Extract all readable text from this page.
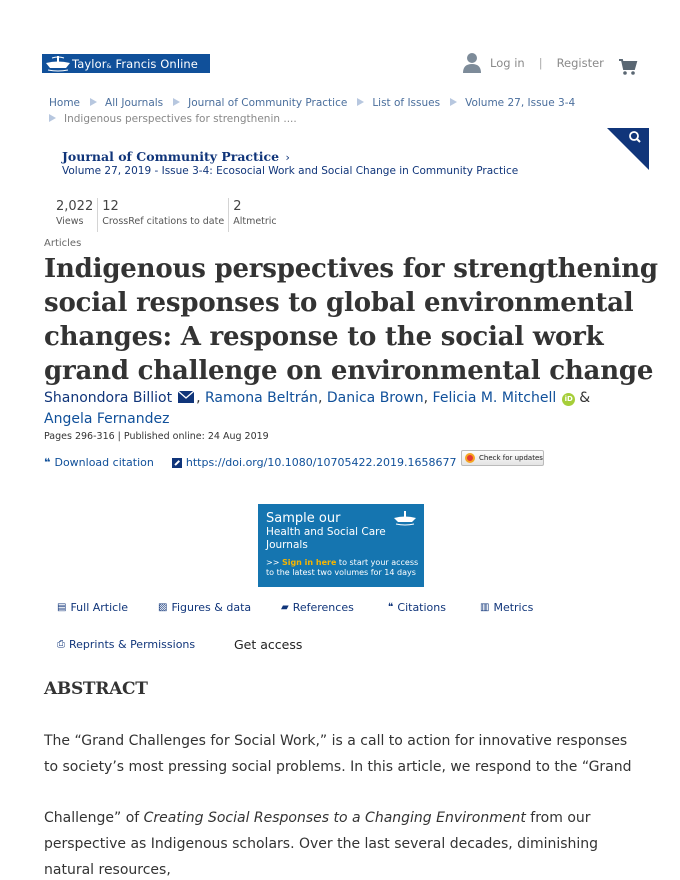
Taylor& Francis Online	Log in | Register
Home All Journals Journal of Community Practice List of Issues Volume 27, Issue 3-4
Indigenous perspectives for strengthenin ....
Journal of Community Practice ›
Volume 27, 2019 - Issue 3-4: Ecosocial Work and Social Change in Community Practice
2,022
Views
12
CrossRef citations to date
2
Altmetric
Articles
Indigenous perspectives for strengthening social responses to global environmental changes: A response to the social work grand challenge on environmental change
Shanondora Billiot , Ramona Beltrán, Danica Brown, Felicia M. Mitchell iD &
Angela Fernandez
Pages 296-316 | Published online: 24 Aug 2019
❝ Download citation	https://doi.org/10.1080/10705422.2019.1658677	Check for updates
Sample our
Health and Social Care
Journals
>> Sign in here to start your access
to the latest two volumes for 14 days
▤ Full Article	▨ Figures & data	▰ References	❝ Citations	▥ Metrics
⎙ Reprints & Permissions	Get access
ABSTRACT

The “Grand Challenges for Social Work,” is a call to action for innovative responses to society’s most pressing social problems. In this article, we respond to the “Grand

Challenge” of Creating Social Responses to a Changing Environment from our perspective as Indigenous scholars. Over the last several decades, diminishing natural resources,
